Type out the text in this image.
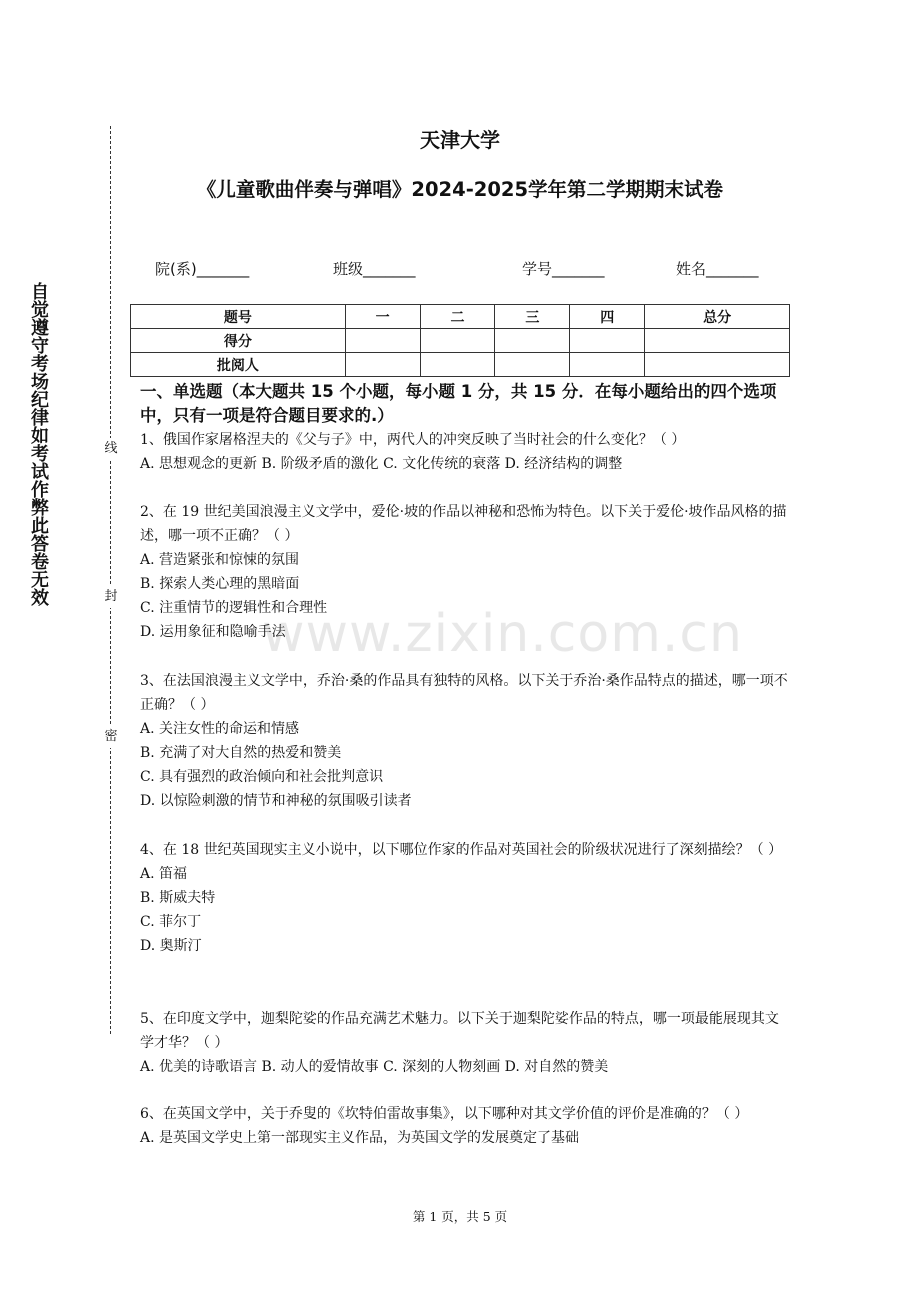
自觉遵守考场纪律如考试作弊此答卷无效	线
封
密
天津大学
《儿童歌曲伴奏与弹唱》2024-2025学年第二学期期末试卷
院(系)_______	班级_______	学号_______	姓名_______
题号	一	二	三	四	总分
得分					
批阅人					
一、单选题（本大题共 15 个小题，每小题 1 分，共 15 分．在每小题给出的四个选项中，只有一项是符合题目要求的.）

1、俄国作家屠格涅夫的《父与子》中，两代人的冲突反映了当时社会的什么变化？（ ）

A. 思想观念的更新 B. 阶级矛盾的激化 C. 文化传统的衰落 D. 经济结构的调整

2、在 19 世纪美国浪漫主义文学中，爱伦·坡的作品以神秘和恐怖为特色。以下关于爱伦·坡作品风格的描述，哪一项不正确？（ ）

A. 营造紧张和惊悚的氛围

B. 探索人类心理的黑暗面

C. 注重情节的逻辑性和合理性

D. 运用象征和隐喻手法

3、在法国浪漫主义文学中，乔治·桑的作品具有独特的风格。以下关于乔治·桑作品特点的描述，哪一项不正确？（ ）

A. 关注女性的命运和情感

B. 充满了对大自然的热爱和赞美

C. 具有强烈的政治倾向和社会批判意识

D. 以惊险刺激的情节和神秘的氛围吸引读者

4、在 18 世纪英国现实主义小说中，以下哪位作家的作品对英国社会的阶级状况进行了深刻描绘？（ ）

A. 笛福

B. 斯威夫特

C. 菲尔丁

D. 奥斯汀

5、在印度文学中，迦梨陀娑的作品充满艺术魅力。以下关于迦梨陀娑作品的特点，哪一项最能展现其文学才华？（ ）

A. 优美的诗歌语言 B. 动人的爱情故事 C. 深刻的人物刻画 D. 对自然的赞美

6、在英国文学中，关于乔叟的《坎特伯雷故事集》，以下哪种对其文学价值的评价是准确的？（ ）

A. 是英国文学史上第一部现实主义作品，为英国文学的发展奠定了基础

www.zixin.com.cn
第 1 页，共 5 页
